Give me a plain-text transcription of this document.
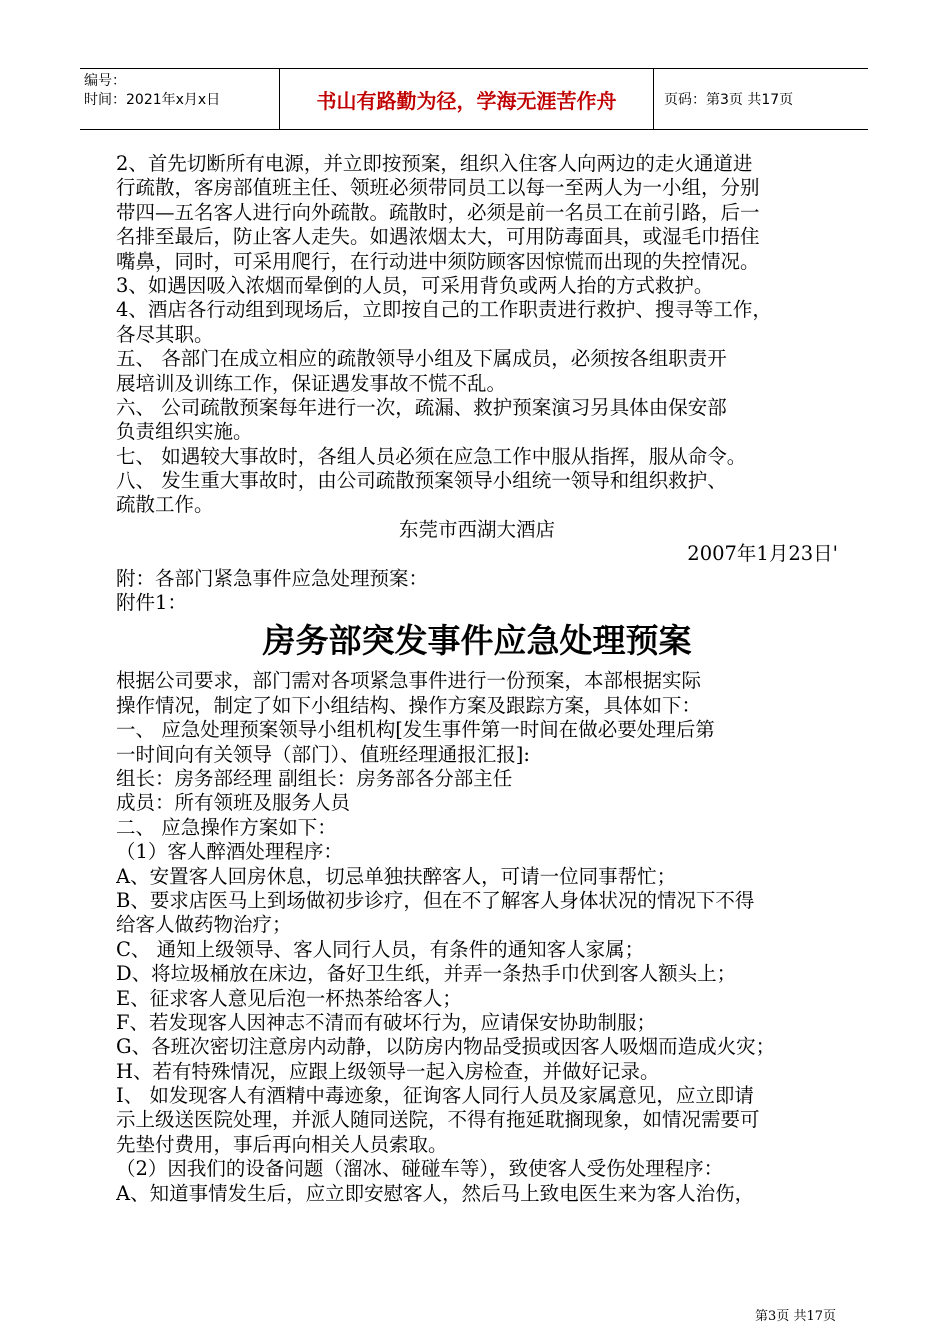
编号：
时间：2021年x月x日	书山有路勤为径，学海无涯苦作舟	页码：第3页 共17页
2、首先切断所有电源，并立即按预案，组织入住客人向两边的走火通道进
行疏散，客房部值班主任、领班必须带同员工以每一至两人为一小组，分别
带四—五名客人进行向外疏散。疏散时，必须是前一名员工在前引路，后一
名排至最后，防止客人走失。如遇浓烟太大，可用防毒面具，或湿毛巾捂住
嘴鼻，同时，可采用爬行，在行动进中须防顾客因惊慌而出现的失控情况。
3、如遇因吸入浓烟而晕倒的人员，可采用背负或两人抬的方式救护。
4、酒店各行动组到现场后，立即按自己的工作职责进行救护、搜寻等工作，
各尽其职。
五、 各部门在成立相应的疏散领导小组及下属成员，必须按各组职责开
展培训及训练工作，保证遇发事故不慌不乱。
六、 公司疏散预案每年进行一次，疏漏、救护预案演习另具体由保安部
负责组织实施。
七、 如遇较大事故时，各组人员必须在应急工作中服从指挥，服从命令。
八、 发生重大事故时，由公司疏散预案领导小组统一领导和组织救护、
疏散工作。
东莞市西湖大酒店
2007年1月23日'
附：各部门紧急事件应急处理预案：
附件1：
房务部突发事件应急处理预案
根据公司要求，部门需对各项紧急事件进行一份预案，本部根据实际
操作情况，制定了如下小组结构、操作方案及跟踪方案，具体如下：
一、 应急处理预案领导小组机构[发生事件第一时间在做必要处理后第
一时间向有关领导（部门）、值班经理通报汇报]:
组长：房务部经理 副组长：房务部各分部主任
成员：所有领班及服务人员
二、 应急操作方案如下：
（1）客人醉酒处理程序：
A、安置客人回房休息，切忌单独扶醉客人，可请一位同事帮忙；
B、要求店医马上到场做初步诊疗，但在不了解客人身体状况的情况下不得
给客人做药物治疗；
C、 通知上级领导、客人同行人员，有条件的通知客人家属；
D、将垃圾桶放在床边，备好卫生纸，并弄一条热手巾伏到客人额头上；
E、征求客人意见后泡一杯热茶给客人；
F、若发现客人因神志不清而有破坏行为，应请保安协助制服；
G、各班次密切注意房内动静，以防房内物品受损或因客人吸烟而造成火灾；
H、若有特殊情况，应跟上级领导一起入房检查，并做好记录。
I、 如发现客人有酒精中毒迹象，征询客人同行人员及家属意见，应立即请
示上级送医院处理，并派人随同送院，不得有拖延耽搁现象，如情况需要可
先垫付费用，事后再向相关人员索取。
（2）因我们的设备问题（溜冰、碰碰车等），致使客人受伤处理程序：
A、知道事情发生后，应立即安慰客人，然后马上致电医生来为客人治伤，
第3页 共17页
